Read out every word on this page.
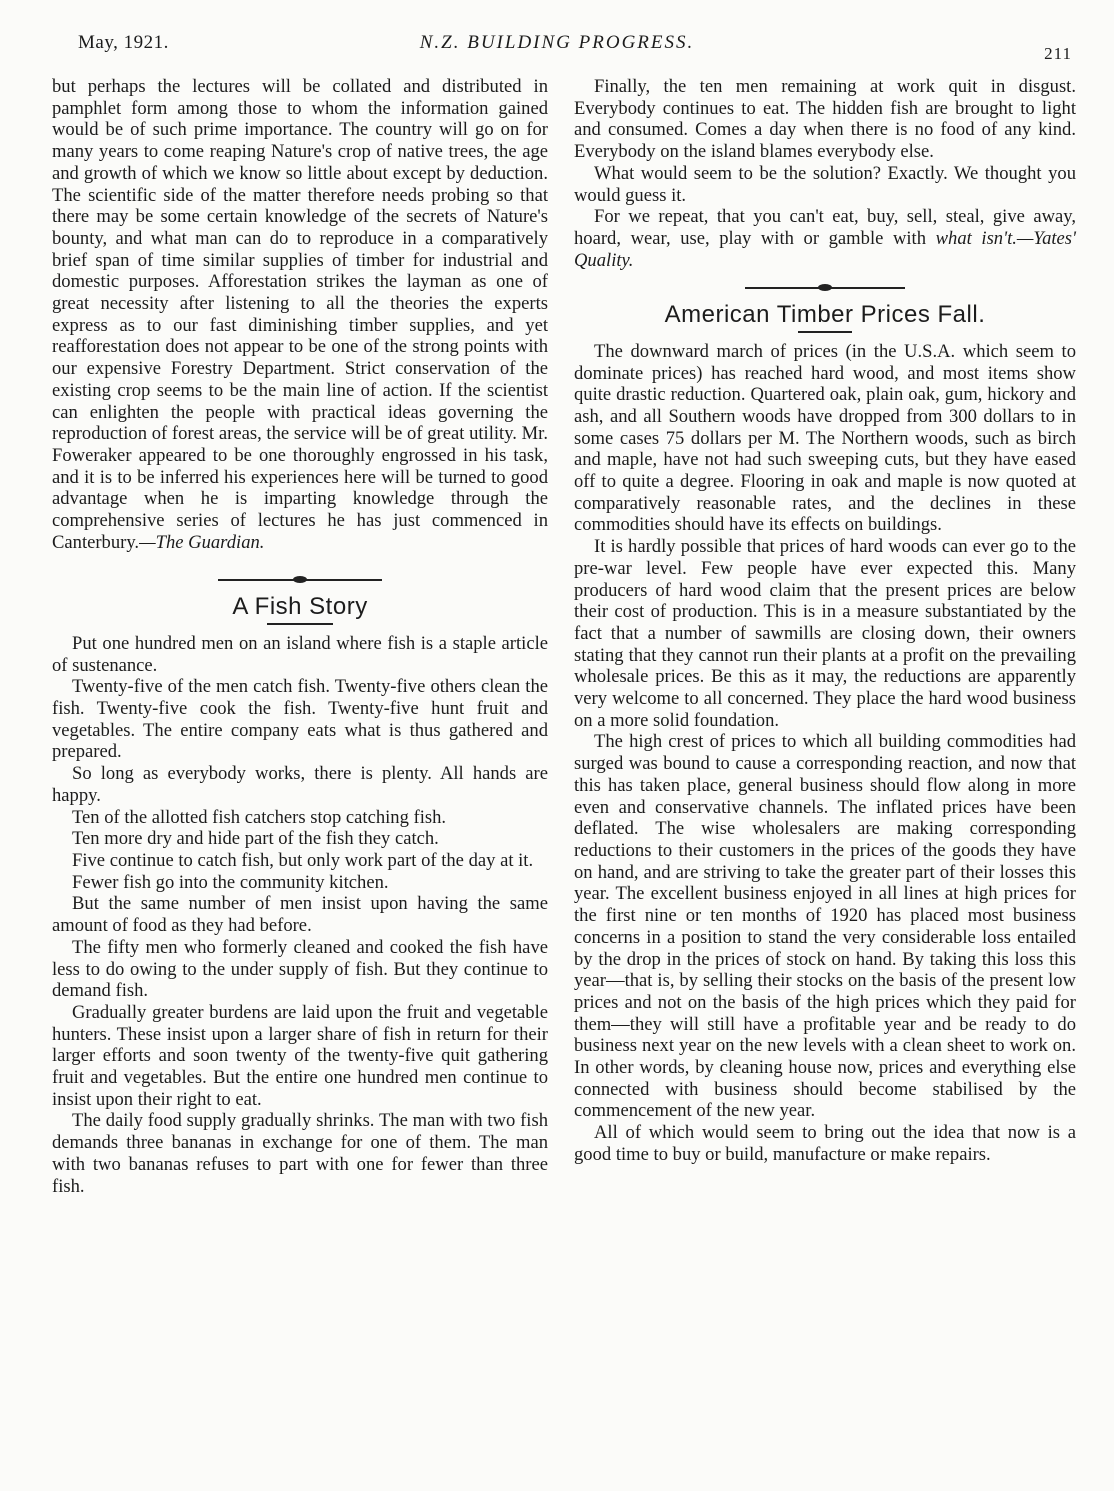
May, 1921.	N.Z. BUILDING PROGRESS.
211

but perhaps the lectures will be collated and distributed in pamphlet form among those to whom the information gained would be of such prime importance. The country will go on for many years to come reaping Nature's crop of native trees, the age and growth of which we know so little about except by deduction. The scientific side of the matter therefore needs probing so that there may be some certain knowledge of the secrets of Nature's bounty, and what man can do to reproduce in a comparatively brief span of time similar supplies of timber for industrial and domestic purposes. Afforestation strikes the layman as one of great necessity after listening to all the theories the experts express as to our fast diminishing timber supplies, and yet reafforestation does not appear to be one of the strong points with our expensive Forestry Department. Strict conservation of the existing crop seems to be the main line of action. If the scientist can enlighten the people with practical ideas governing the reproduction of forest areas, the service will be of great utility. Mr. Foweraker appeared to be one thoroughly engrossed in his task, and it is to be inferred his experiences here will be turned to good advantage when he is imparting knowledge through the comprehensive series of lectures he has just commenced in Canterbury.—The Guardian.

A Fish Story

Put one hundred men on an island where fish is a staple article of sustenance.

Twenty-five of the men catch fish. Twenty-five others clean the fish. Twenty-five cook the fish. Twenty-five hunt fruit and vegetables. The entire company eats what is thus gathered and prepared.

So long as everybody works, there is plenty. All hands are happy.

Ten of the allotted fish catchers stop catching fish.

Ten more dry and hide part of the fish they catch.

Five continue to catch fish, but only work part of the day at it.

Fewer fish go into the community kitchen.

But the same number of men insist upon having the same amount of food as they had before.

The fifty men who formerly cleaned and cooked the fish have less to do owing to the under supply of fish. But they continue to demand fish.

Gradually greater burdens are laid upon the fruit and vegetable hunters. These insist upon a larger share of fish in return for their larger efforts and soon twenty of the twenty-five quit gathering fruit and vegetables. But the entire one hundred men continue to insist upon their right to eat.

The daily food supply gradually shrinks. The man with two fish demands three bananas in exchange for one of them. The man with two bananas refuses to part with one for fewer than three fish.

Finally, the ten men remaining at work quit in disgust. Everybody continues to eat. The hidden fish are brought to light and consumed. Comes a day when there is no food of any kind. Everybody on the island blames everybody else.

What would seem to be the solution? Exactly. We thought you would guess it.

For we repeat, that you can't eat, buy, sell, steal, give away, hoard, wear, use, play with or gamble with what isn't.—Yates' Quality.

American Timber Prices Fall.

The downward march of prices (in the U.S.A. which seem to dominate prices) has reached hard wood, and most items show quite drastic reduction. Quartered oak, plain oak, gum, hickory and ash, and all Southern woods have dropped from 300 dollars to in some cases 75 dollars per M. The Northern woods, such as birch and maple, have not had such sweeping cuts, but they have eased off to quite a degree. Flooring in oak and maple is now quoted at comparatively reasonable rates, and the declines in these commodities should have its effects on buildings.

It is hardly possible that prices of hard woods can ever go to the pre-war level. Few people have ever expected this. Many producers of hard wood claim that the present prices are below their cost of production. This is in a measure substantiated by the fact that a number of sawmills are closing down, their owners stating that they cannot run their plants at a profit on the prevailing wholesale prices. Be this as it may, the reductions are apparently very welcome to all concerned. They place the hard wood business on a more solid foundation.

The high crest of prices to which all building commodities had surged was bound to cause a corresponding reaction, and now that this has taken place, general business should flow along in more even and conservative channels. The inflated prices have been deflated. The wise wholesalers are making corresponding reductions to their customers in the prices of the goods they have on hand, and are striving to take the greater part of their losses this year. The excellent business enjoyed in all lines at high prices for the first nine or ten months of 1920 has placed most business concerns in a position to stand the very considerable loss entailed by the drop in the prices of stock on hand. By taking this loss this year—that is, by selling their stocks on the basis of the present low prices and not on the basis of the high prices which they paid for them—they will still have a profitable year and be ready to do business next year on the new levels with a clean sheet to work on. In other words, by cleaning house now, prices and everything else connected with business should become stabilised by the commencement of the new year.

All of which would seem to bring out the idea that now is a good time to buy or build, manufacture or make repairs.
